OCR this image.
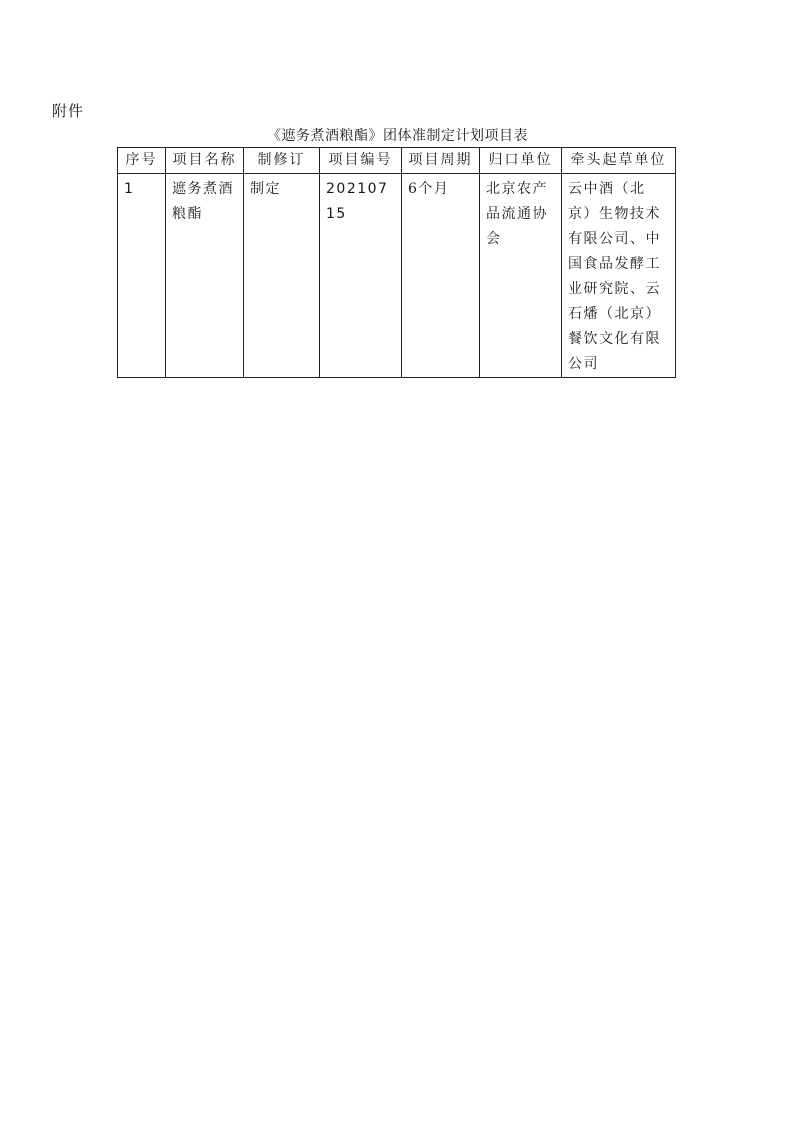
附件
《遮务煮酒粮酯》团体准制定计划项目表
序号	项目名称	制修订	项目编号	项目周期	归口单位	牵头起草单位
1	遮务煮酒粮酯	制定	20210715	6个月	北京农产品流通协会	云中酒（北京）生物技术有限公司、中国食品发酵工业研究院、云石燔（北京）餐饮文化有限公司
